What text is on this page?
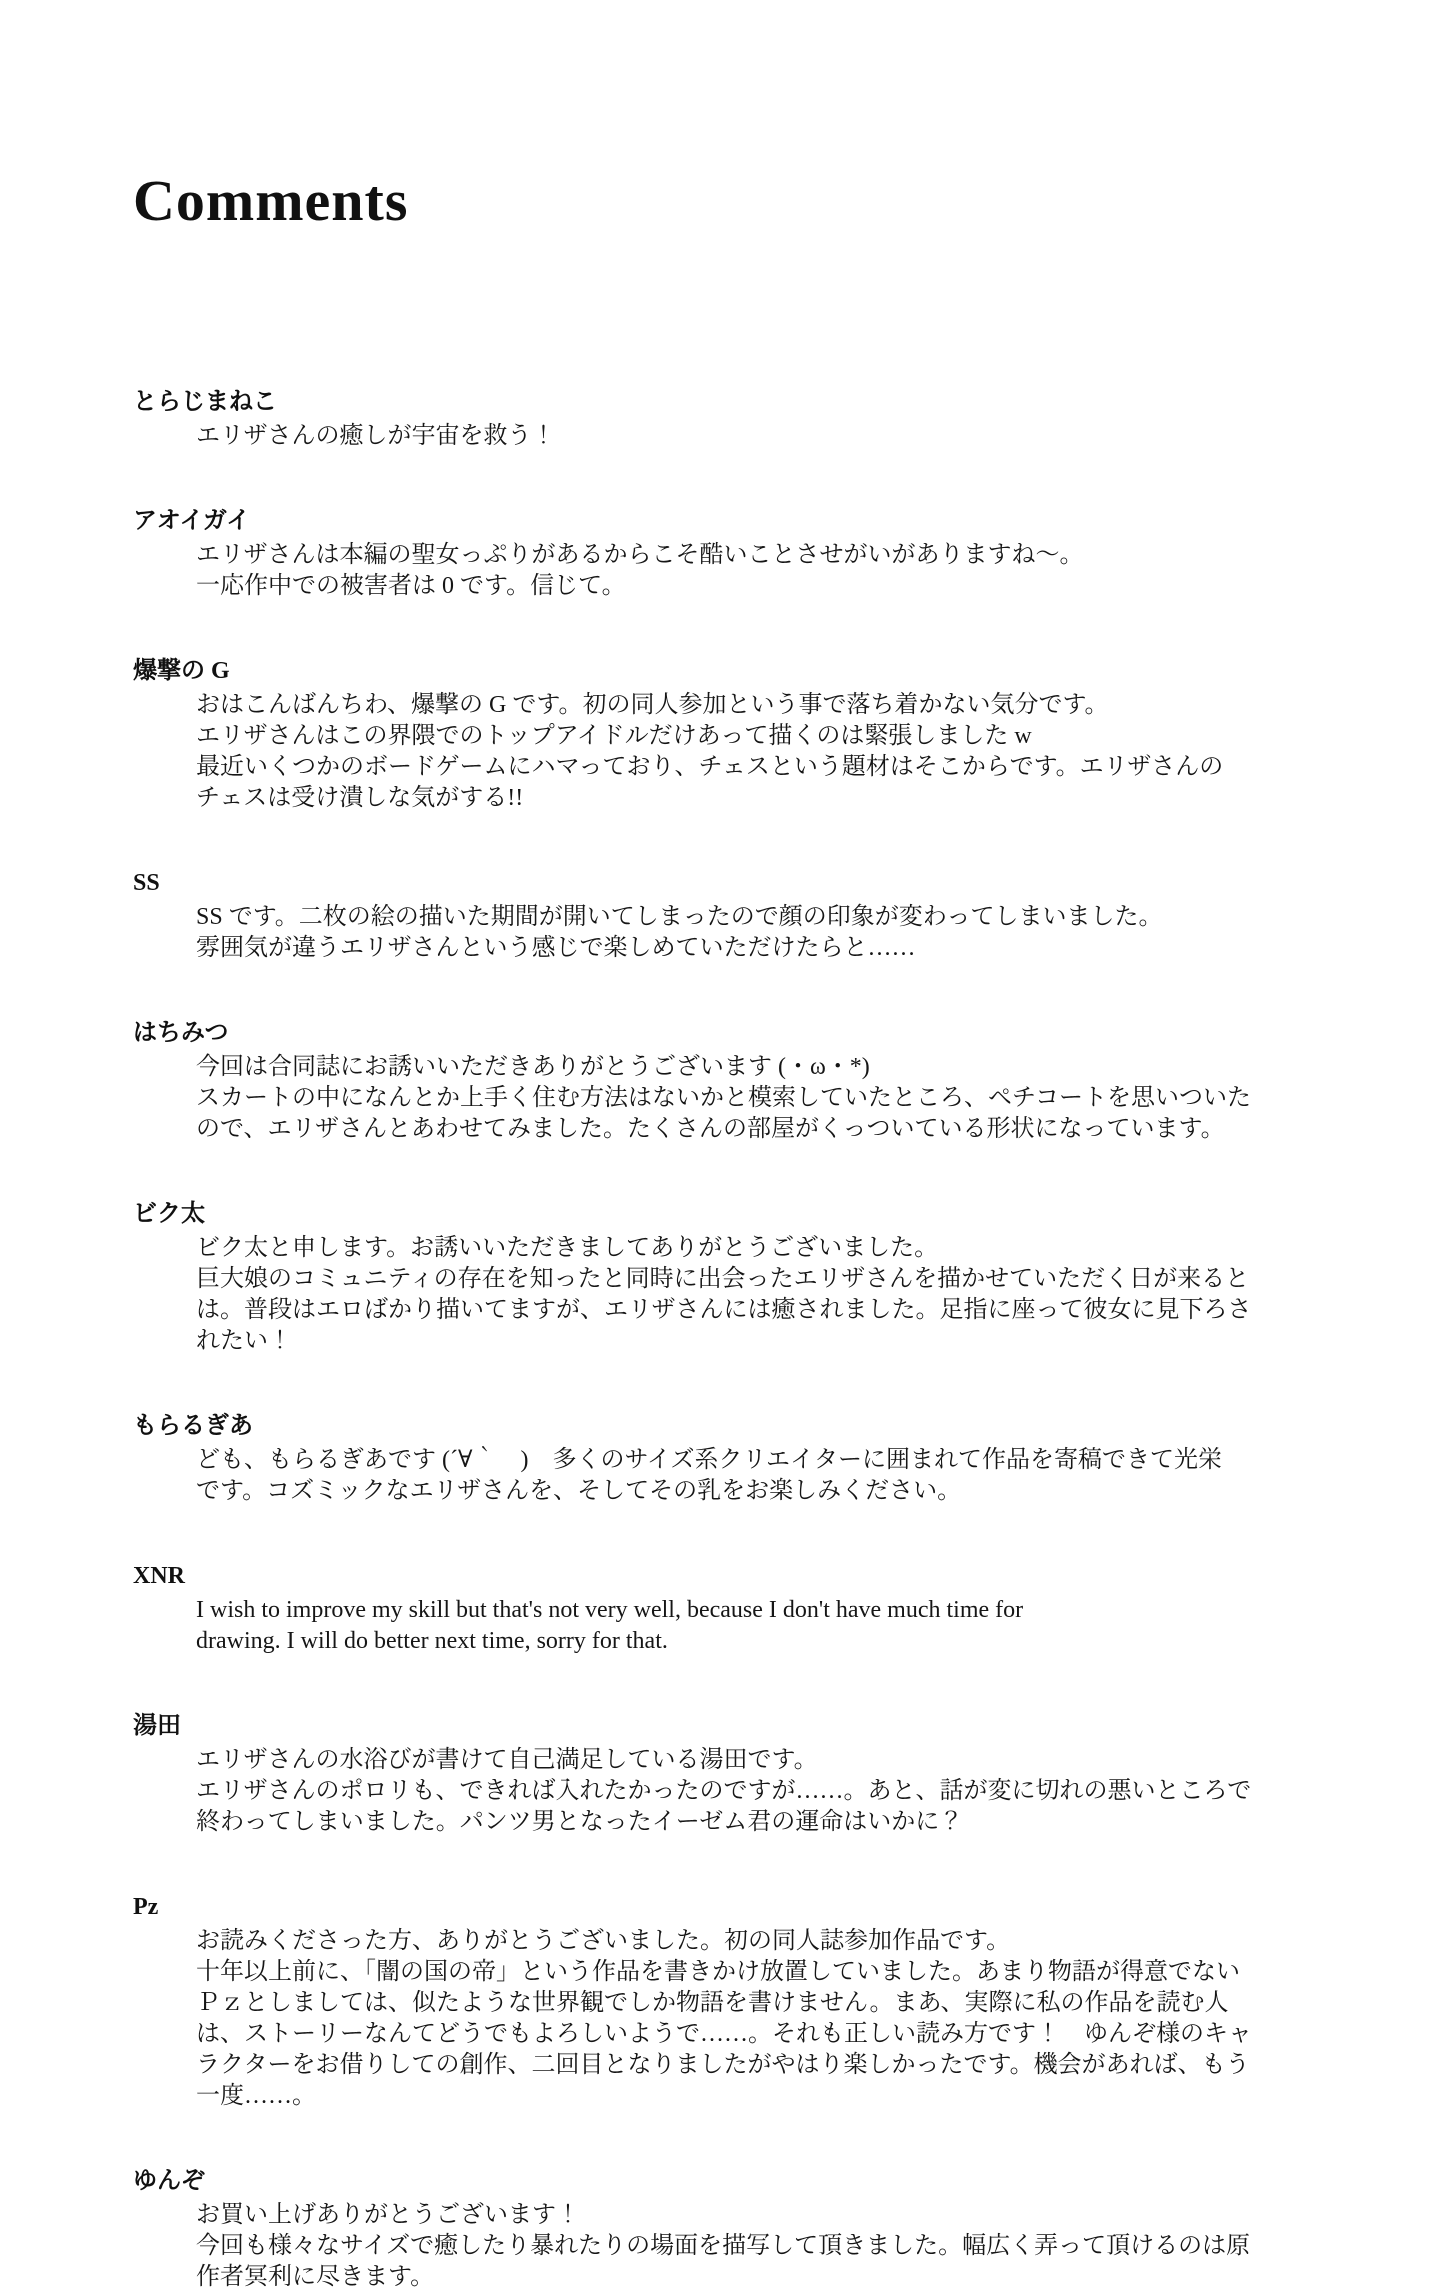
Comments
とらじまねこ
エリザさんの癒しが宇宙を救う！
アオイガイ
エリザさんは本編の聖女っぷりがあるからこそ酷いことさせがいがありますね～。
一応作中での被害者は 0 です。信じて。
爆撃の G
おはこんばんちわ、爆撃の G です。初の同人参加という事で落ち着かない気分です。
エリザさんはこの界隈でのトップアイドルだけあって描くのは緊張しました w
最近いくつかのボードゲームにハマっており、チェスという題材はそこからです。エリザさんの
チェスは受け潰しな気がする!!
SS
SS です。二枚の絵の描いた期間が開いてしまったので顔の印象が変わってしまいました。
雰囲気が違うエリザさんという感じで楽しめていただけたらと……
はちみつ
今回は合同誌にお誘いいただきありがとうございます (・ω・*)
スカートの中になんとか上手く住む方法はないかと模索していたところ、ペチコートを思いついた
ので、エリザさんとあわせてみました。たくさんの部屋がくっついている形状になっています。
ビク太
ビク太と申します。お誘いいただきましてありがとうございました。
巨大娘のコミュニティの存在を知ったと同時に出会ったエリザさんを描かせていただく日が来ると
は。普段はエロばかり描いてますが、エリザさんには癒されました。足指に座って彼女に見下ろさ
れたい！
もらるぎあ
ども、もらるぎあです (´∀｀　)　多くのサイズ系クリエイターに囲まれて作品を寄稿できて光栄
です。コズミックなエリザさんを、そしてその乳をお楽しみください。
XNR
I wish to improve my skill but that's not very well, because I don't have much time for
drawing. I will do better next time, sorry for that.
湯田
エリザさんの水浴びが書けて自己満足している湯田です。
エリザさんのポロリも、できれば入れたかったのですが……。あと、話が変に切れの悪いところで
終わってしまいました。パンツ男となったイーゼム君の運命はいかに？
Pz
お読みくださった方、ありがとうございました。初の同人誌参加作品です。
十年以上前に、「闇の国の帝」という作品を書きかけ放置していました。あまり物語が得意でない
Ｐｚとしましては、似たような世界観でしか物語を書けません。まあ、実際に私の作品を読む人
は、ストーリーなんてどうでもよろしいようで……。それも正しい読み方です！　ゆんぞ様のキャ
ラクターをお借りしての創作、二回目となりましたがやはり楽しかったです。機会があれば、もう
一度……。
ゆんぞ
お買い上げありがとうございます！
今回も様々なサイズで癒したり暴れたりの場面を描写して頂きました。幅広く弄って頂けるのは原
作者冥利に尽きます。
